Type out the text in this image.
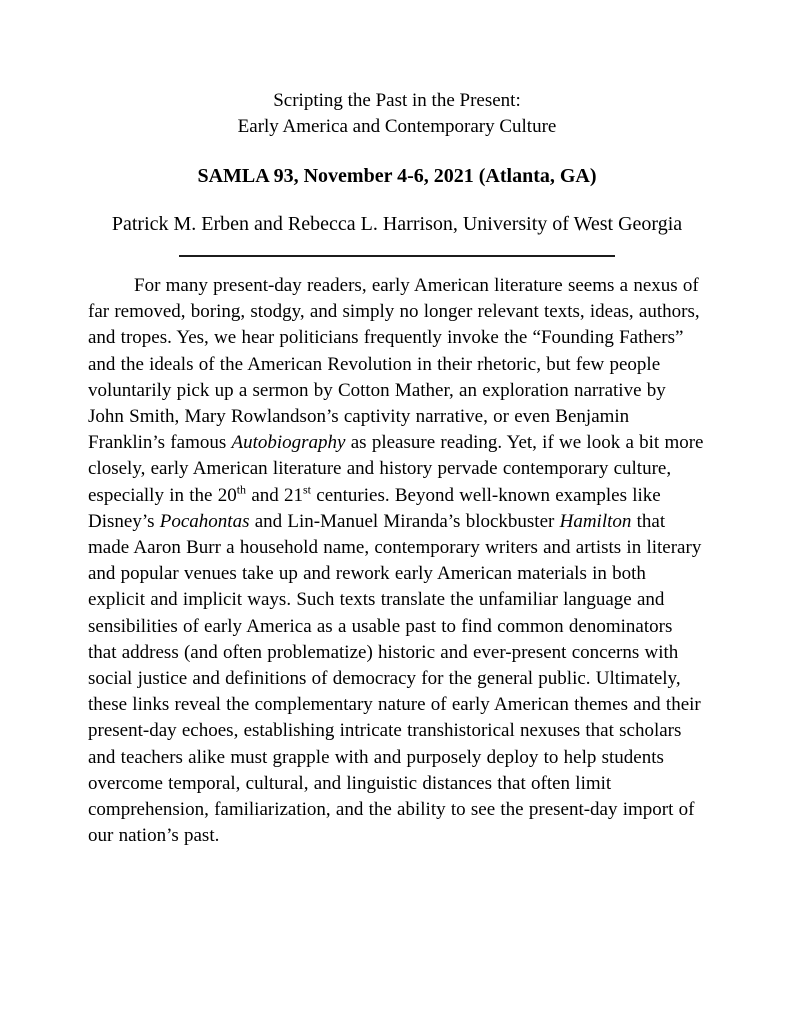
Scripting the Past in the Present:
Early America and Contemporary Culture
SAMLA 93, November 4-6, 2021 (Atlanta, GA)
Patrick M. Erben and Rebecca L. Harrison, University of West Georgia

For many present-day readers, early American literature seems a nexus of far removed, boring, stodgy, and simply no longer relevant texts, ideas, authors, and tropes. Yes, we hear politicians frequently invoke the “Founding Fathers” and the ideals of the American Revolution in their rhetoric, but few people voluntarily pick up a sermon by Cotton Mather, an exploration narrative by John Smith, Mary Rowlandson’s captivity narrative, or even Benjamin Franklin’s famous Autobiography as pleasure reading. Yet, if we look a bit more closely, early American literature and history pervade contemporary culture, especially in the 20th and 21st centuries. Beyond well-known examples like Disney’s Pocahontas and Lin-Manuel Miranda’s blockbuster Hamilton that made Aaron Burr a household name, contemporary writers and artists in literary and popular venues take up and rework early American materials in both explicit and implicit ways. Such texts translate the unfamiliar language and sensibilities of early America as a usable past to find common denominators that address (and often problematize) historic and ever-present concerns with social justice and definitions of democracy for the general public. Ultimately, these links reveal the complementary nature of early American themes and their present-day echoes, establishing intricate transhistorical nexuses that scholars and teachers alike must grapple with and purposely deploy to help students overcome temporal, cultural, and linguistic distances that often limit comprehension, familiarization, and the ability to see the present-day import of our nation’s past.
